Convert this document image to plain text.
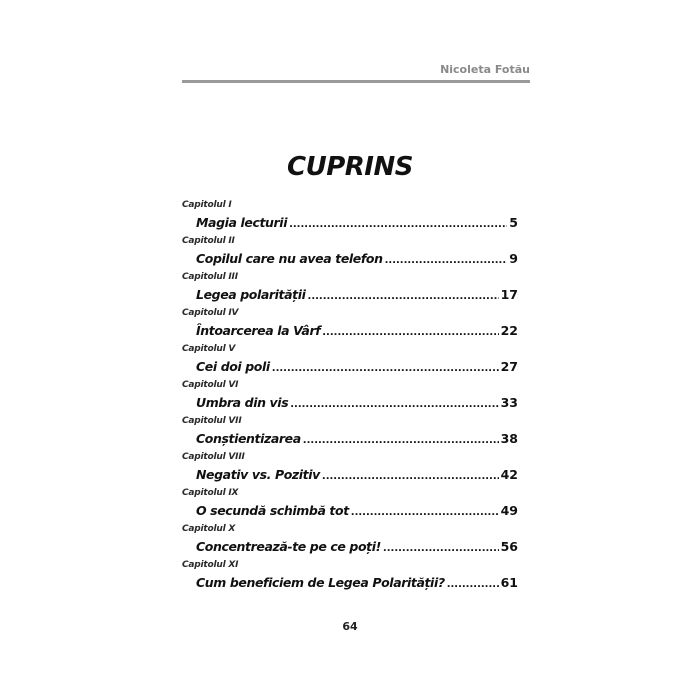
Nicoleta Fotău
CUPRINS
Capitolul I
Magia lecturii .....	5
Capitolul II
Copilul care nu avea telefon .....	9
Capitolul III
Legea polarității .....	17
Capitolul IV
Întoarcerea la Vârf .....	22
Capitolul V
Cei doi poli .....	27
Capitolul VI
Umbra din vis .....	33
Capitolul VII
Conștientizarea .....	38
Capitolul VIII
Negativ vs. Pozitiv .....	42
Capitolul IX
O secundă schimbă tot .....	49
Capitolul X
Concentrează-te pe ce poți! .....	56
Capitolul XI
Cum beneficiem de Legea Polarității? .....	61
64
